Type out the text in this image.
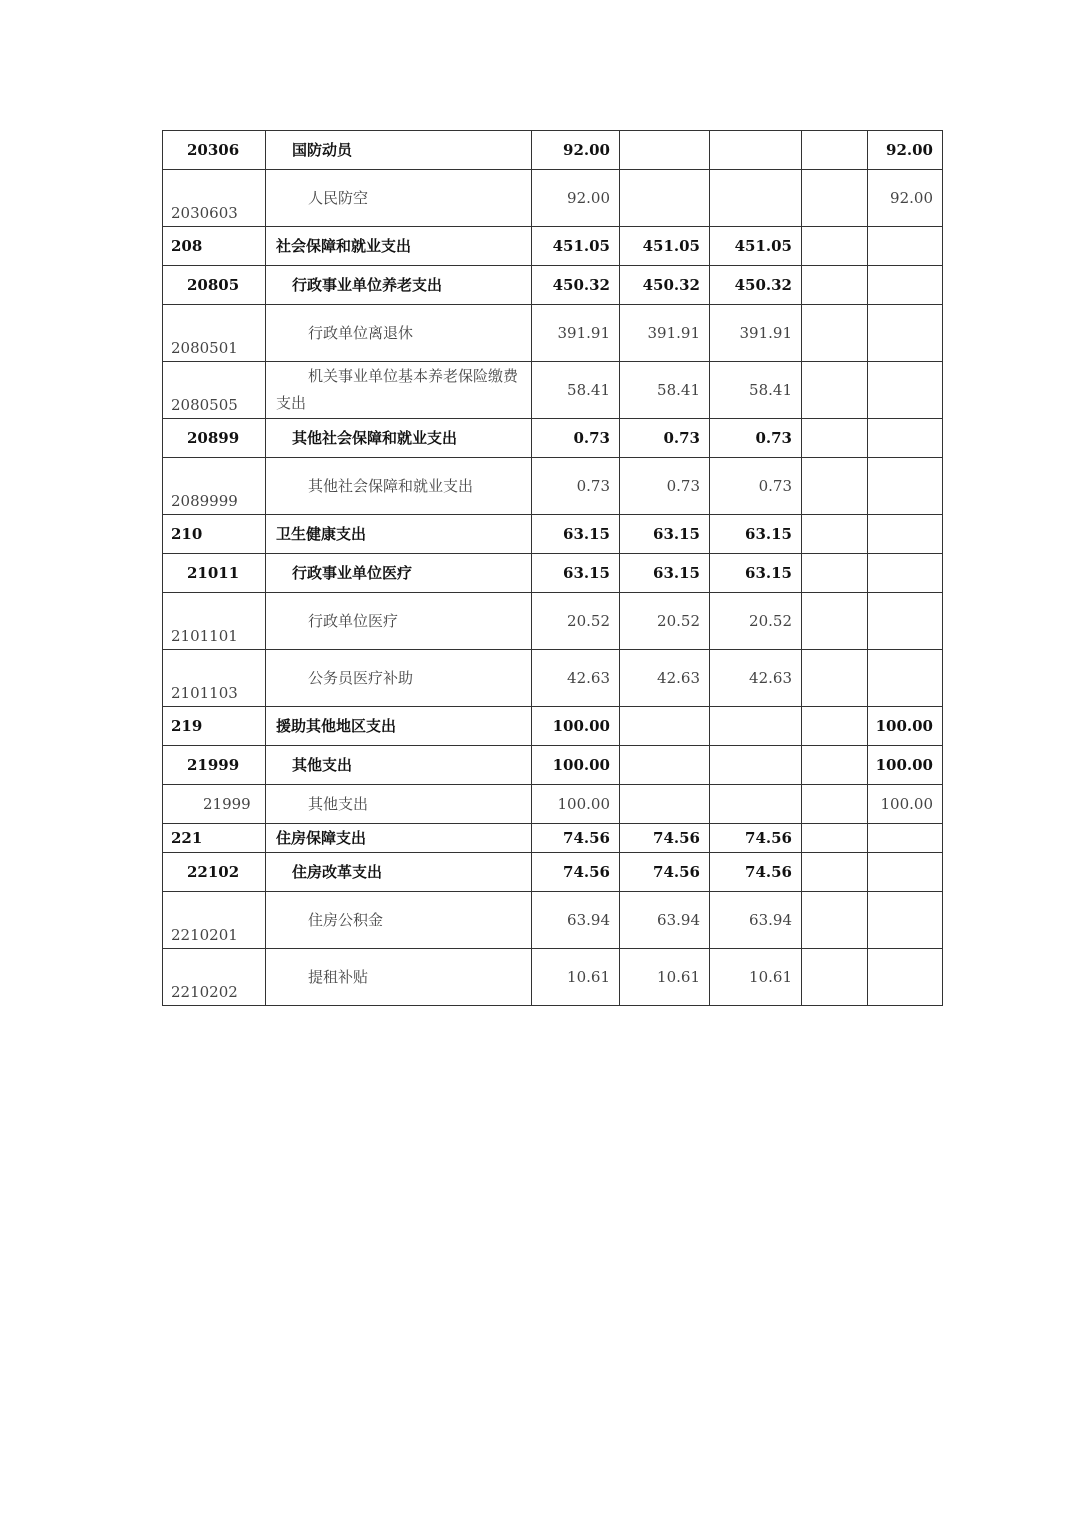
20306	国防动员	92.00				92.00
2030603	人民防空	92.00				92.00
208	社会保障和就业支出	451.05	451.05	451.05		
20805	行政事业单位养老支出	450.32	450.32	450.32		
2080501	行政单位离退休	391.91	391.91	391.91		
2080505	机关事业单位基本养老保险缴费支出	58.41	58.41	58.41		
20899	其他社会保障和就业支出	0.73	0.73	0.73		
2089999	其他社会保障和就业支出	0.73	0.73	0.73		
210	卫生健康支出	63.15	63.15	63.15		
21011	行政事业单位医疗	63.15	63.15	63.15		
2101101	行政单位医疗	20.52	20.52	20.52		
2101103	公务员医疗补助	42.63	42.63	42.63		
219	援助其他地区支出	100.00				100.00
21999	其他支出	100.00				100.00
21999	其他支出	100.00				100.00
221	住房保障支出	74.56	74.56	74.56		
22102	住房改革支出	74.56	74.56	74.56		
2210201	住房公积金	63.94	63.94	63.94		
2210202	提租补贴	10.61	10.61	10.61		
